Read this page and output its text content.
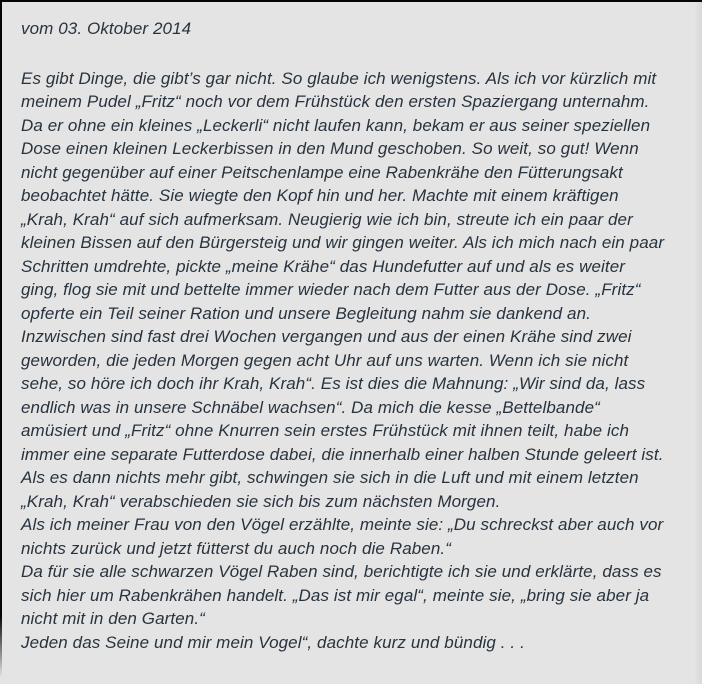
vom 03. Oktober 2014

Es gibt Dinge, die gibt’s gar nicht. So glaube ich wenigstens. Als ich vor kürzlich mit
meinem Pudel „Fritz“ noch vor dem Frühstück den ersten Spaziergang unternahm.
Da er ohne ein kleines „Leckerli“ nicht laufen kann, bekam er aus seiner speziellen
Dose einen kleinen Leckerbissen in den Mund geschoben. So weit, so gut! Wenn
nicht gegenüber auf einer Peitschenlampe eine Rabenkrähe den Fütterungsakt
beobachtet hätte. Sie wiegte den Kopf hin und her. Machte mit einem kräftigen
„Krah, Krah“ auf sich aufmerksam. Neugierig wie ich bin, streute ich ein paar der
kleinen Bissen auf den Bürgersteig und wir gingen weiter. Als ich mich nach ein paar
Schritten umdrehte, pickte „meine Krähe“ das Hundefutter auf und als es weiter
ging, flog sie mit und bettelte immer wieder nach dem Futter aus der Dose. „Fritz“
opferte ein Teil seiner Ration und unsere Begleitung nahm sie dankend an.
Inzwischen sind fast drei Wochen vergangen und aus der einen Krähe sind zwei
geworden, die jeden Morgen gegen acht Uhr auf uns warten. Wenn ich sie nicht
sehe, so höre ich doch ihr Krah, Krah“. Es ist dies die Mahnung: „Wir sind da, lass
endlich was in unsere Schnäbel wachsen“. Da mich die kesse „Bettelbande“
amüsiert und „Fritz“ ohne Knurren sein erstes Frühstück mit ihnen teilt, habe ich
immer eine separate Futterdose dabei, die innerhalb einer halben Stunde geleert ist.
Als es dann nichts mehr gibt, schwingen sie sich in die Luft und mit einem letzten
„Krah, Krah“ verabschieden sie sich bis zum nächsten Morgen.
Als ich meiner Frau von den Vögel erzählte, meinte sie: „Du schreckst aber auch vor
nichts zurück und jetzt fütterst du auch noch die Raben.“
Da für sie alle schwarzen Vögel Raben sind, berichtigte ich sie und erklärte, dass es
sich hier um Rabenkrähen handelt. „Das ist mir egal“, meinte sie, „bring sie aber ja
nicht mit in den Garten.“
Jeden das Seine und mir mein Vogel“, dachte kurz und bündig . . .
